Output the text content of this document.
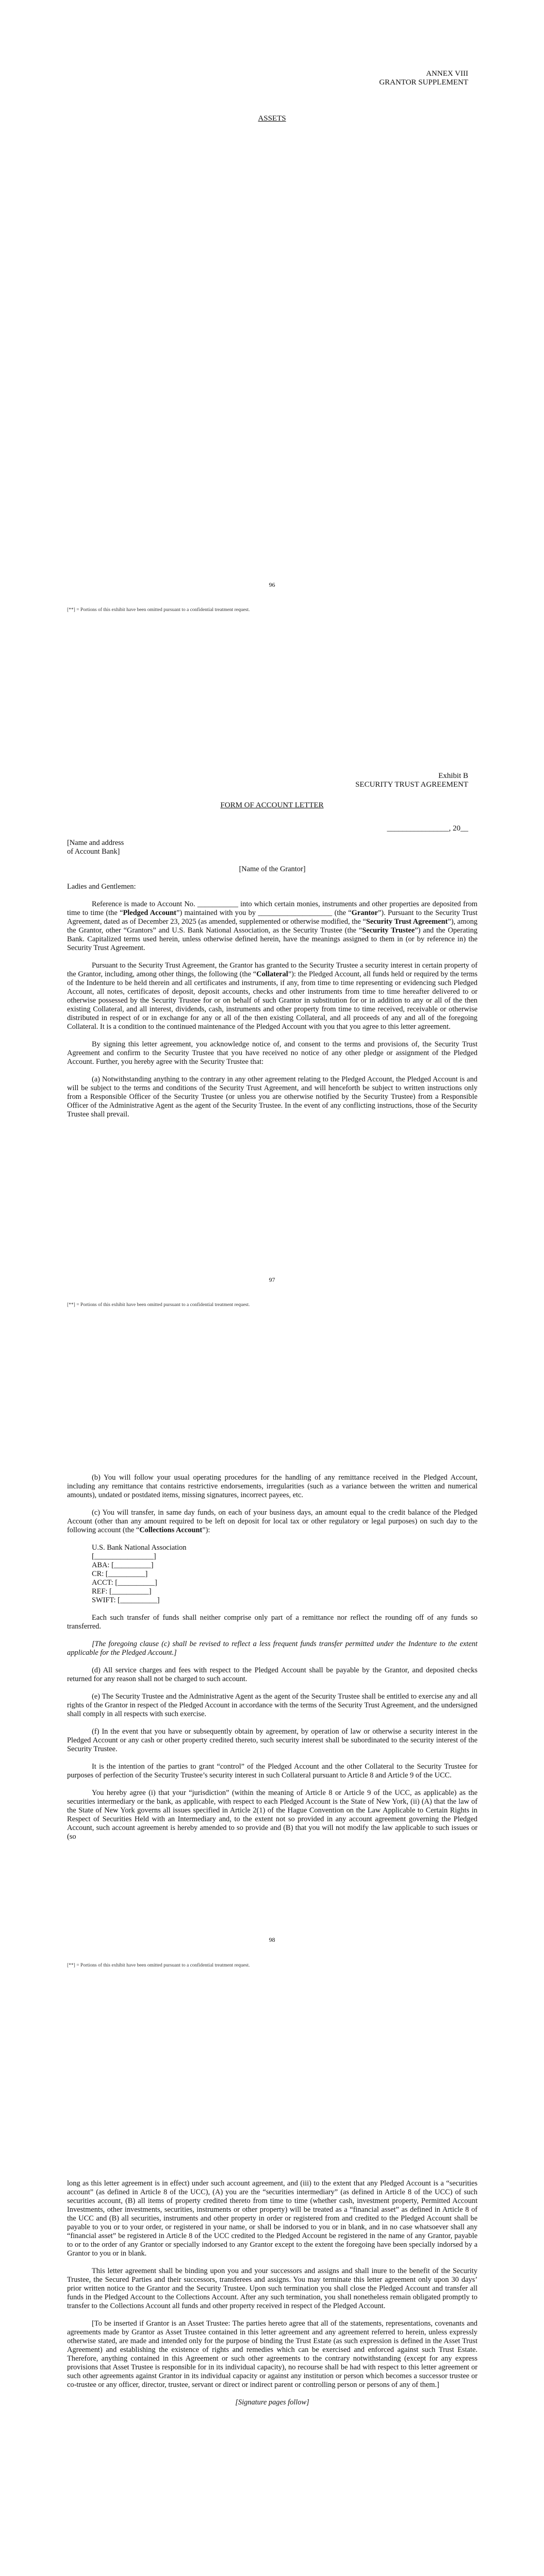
ANNEX VIII
GRANTOR SUPPLEMENT
ASSETS
96
[**] = Portions of this exhibit have been omitted pursuant to a confidential treatment request.
Exhibit B
SECURITY TRUST AGREEMENT
FORM OF ACCOUNT LETTER
________________, 20__

[Name and address
of Account Bank]

[Name of the Grantor]

Ladies and Gentlemen:

Reference is made to Account No. ___________ into which certain monies, instruments and other properties are deposited from time to time (the “Pledged Account”) maintained with you by ____________________ (the “Grantor”). Pursuant to the Security Trust Agreement, dated as of December 23, 2025 (as amended, supplemented or otherwise modified, the “Security Trust Agreement”), among the Grantor, other “Grantors” and U.S. Bank National Association, as the Security Trustee (the “Security Trustee”) and the Operating Bank. Capitalized terms used herein, unless otherwise defined herein, have the meanings assigned to them in (or by reference in) the Security Trust Agreement.

Pursuant to the Security Trust Agreement, the Grantor has granted to the Security Trustee a security interest in certain property of the Grantor, including, among other things, the following (the “Collateral”): the Pledged Account, all funds held or required by the terms of the Indenture to be held therein and all certificates and instruments, if any, from time to time representing or evidencing such Pledged Account, all notes, certificates of deposit, deposit accounts, checks and other instruments from time to time hereafter delivered to or otherwise possessed by the Security Trustee for or on behalf of such Grantor in substitution for or in addition to any or all of the then existing Collateral, and all interest, dividends, cash, instruments and other property from time to time received, receivable or otherwise distributed in respect of or in exchange for any or all of the then existing Collateral, and all proceeds of any and all of the foregoing Collateral. It is a condition to the continued maintenance of the Pledged Account with you that you agree to this letter agreement.

By signing this letter agreement, you acknowledge notice of, and consent to the terms and provisions of, the Security Trust Agreement and confirm to the Security Trustee that you have received no notice of any other pledge or assignment of the Pledged Account. Further, you hereby agree with the Security Trustee that:

(a) Notwithstanding anything to the contrary in any other agreement relating to the Pledged Account, the Pledged Account is and will be subject to the terms and conditions of the Security Trust Agreement, and will henceforth be subject to written instructions only from a Responsible Officer of the Security Trustee (or unless you are otherwise notified by the Security Trustee) from a Responsible Officer of the Administrative Agent as the agent of the Security Trustee. In the event of any conflicting instructions, those of the Security Trustee shall prevail.

97
[**] = Portions of this exhibit have been omitted pursuant to a confidential treatment request.

(b) You will follow your usual operating procedures for the handling of any remittance received in the Pledged Account, including any remittance that contains restrictive endorsements, irregularities (such as a variance between the written and numerical amounts), undated or postdated items, missing signatures, incorrect payees, etc.

(c) You will transfer, in same day funds, on each of your business days, an amount equal to the credit balance of the Pledged Account (other than any amount required to be left on deposit for local tax or other regulatory or legal purposes) on such day to the following account (the “Collections Account”):

U.S. Bank National Association
[________________]
ABA: [__________]
CR: [__________]
ACCT: [__________]
REF: [__________]
SWIFT: [__________]

Each such transfer of funds shall neither comprise only part of a remittance nor reflect the rounding off of any funds so transferred.

[The foregoing clause (c) shall be revised to reflect a less frequent funds transfer permitted under the Indenture to the extent applicable for the Pledged Account.]

(d) All service charges and fees with respect to the Pledged Account shall be payable by the Grantor, and deposited checks returned for any reason shall not be charged to such account.

(e) The Security Trustee and the Administrative Agent as the agent of the Security Trustee shall be entitled to exercise any and all rights of the Grantor in respect of the Pledged Account in accordance with the terms of the Security Trust Agreement, and the undersigned shall comply in all respects with such exercise.

(f) In the event that you have or subsequently obtain by agreement, by operation of law or otherwise a security interest in the Pledged Account or any cash or other property credited thereto, such security interest shall be subordinated to the security interest of the Security Trustee.

It is the intention of the parties to grant “control” of the Pledged Account and the other Collateral to the Security Trustee for purposes of perfection of the Security Trustee’s security interest in such Collateral pursuant to Article 8 and Article 9 of the UCC.

You hereby agree (i) that your “jurisdiction” (within the meaning of Article 8 or Article 9 of the UCC, as applicable) as the securities intermediary or the bank, as applicable, with respect to each Pledged Account is the State of New York, (ii) (A) that the law of the State of New York governs all issues specified in Article 2(1) of the Hague Convention on the Law Applicable to Certain Rights in Respect of Securities Held with an Intermediary and, to the extent not so provided in any account agreement governing the Pledged Account, such account agreement is hereby amended to so provide and (B) that you will not modify the law applicable to such issues or (so

98
[**] = Portions of this exhibit have been omitted pursuant to a confidential treatment request.

long as this letter agreement is in effect) under such account agreement, and (iii) to the extent that any Pledged Account is a “securities account” (as defined in Article 8 of the UCC), (A) you are the “securities intermediary” (as defined in Article 8 of the UCC) of such securities account, (B) all items of property credited thereto from time to time (whether cash, investment property, Permitted Account Investments, other investments, securities, instruments or other property) will be treated as a “financial asset” as defined in Article 8 of the UCC and (B) all securities, instruments and other property in order or registered from and credited to the Pledged Account shall be payable to you or to your order, or registered in your name, or shall be indorsed to you or in blank, and in no case whatsoever shall any “financial asset” be registered in Article 8 of the UCC credited to the Pledged Account be registered in the name of any Grantor, payable to or to the order of any Grantor or specially indorsed to any Grantor except to the extent the foregoing have been specially indorsed by a Grantor to you or in blank.

This letter agreement shall be binding upon you and your successors and assigns and shall inure to the benefit of the Security Trustee, the Secured Parties and their successors, transferees and assigns. You may terminate this letter agreement only upon 30 days’ prior written notice to the Grantor and the Security Trustee. Upon such termination you shall close the Pledged Account and transfer all funds in the Pledged Account to the Collections Account. After any such termination, you shall nonetheless remain obligated promptly to transfer to the Collections Account all funds and other property received in respect of the Pledged Account.

[To be inserted if Grantor is an Asset Trustee: The parties hereto agree that all of the statements, representations, covenants and agreements made by Grantor as Asset Trustee contained in this letter agreement and any agreement referred to herein, unless expressly otherwise stated, are made and intended only for the purpose of binding the Trust Estate (as such expression is defined in the Asset Trust Agreement) and establishing the existence of rights and remedies which can be exercised and enforced against such Trust Estate. Therefore, anything contained in this Agreement or such other agreements to the contrary notwithstanding (except for any express provisions that Asset Trustee is responsible for in its individual capacity), no recourse shall be had with respect to this letter agreement or such other agreements against Grantor in its individual capacity or against any institution or person which becomes a successor trustee or co-trustee or any officer, director, trustee, servant or direct or indirect parent or controlling person or persons of any of them.]

[Signature pages follow]
